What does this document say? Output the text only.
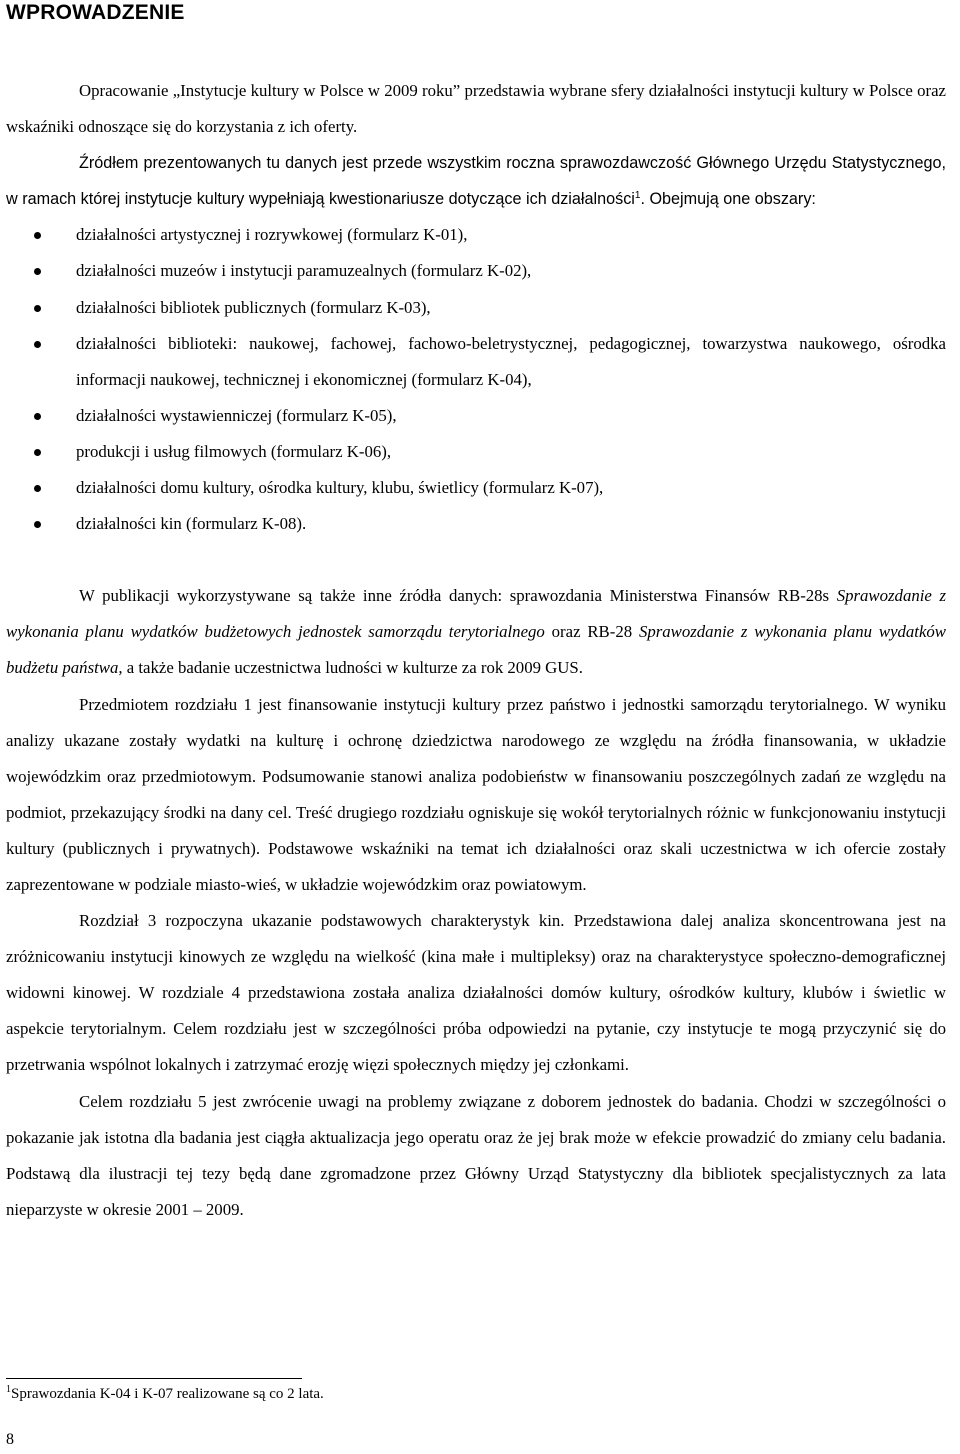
WPROWADZENIE

Opracowanie „Instytucje kultury w Polsce w 2009 roku” przedstawia wybrane sfery działalności instytucji kultury w Polsce oraz wskaźniki odnoszące się do korzystania z ich oferty.

Źródłem prezentowanych tu danych jest przede wszystkim roczna sprawozdawczość Głównego Urzędu Statystycznego, w ramach której instytucje kultury wypełniają kwestionariusze dotyczące ich działalności$^1$. Obejmują one obszary:

działalności artystycznej i rozrywkowej (formularz K-01),
działalności muzeów i instytucji paramuzealnych (formularz K-02),
działalności bibliotek publicznych (formularz K-03),
działalności biblioteki: naukowej, fachowej, fachowo-beletrystycznej, pedagogicznej, towarzystwa naukowego, ośrodka informacji naukowej, technicznej i ekonomicznej (formularz K-04),
działalności wystawienniczej (formularz K-05),
produkcji i usług filmowych (formularz K-06),
działalności domu kultury, ośrodka kultury, klubu, świetlicy (formularz K-07),
działalności kin (formularz K-08).

W publikacji wykorzystywane są także inne źródła danych: sprawozdania Ministerstwa Finansów RB-28s Sprawozdanie z wykonania planu wydatków budżetowych jednostek samorządu terytorialnego oraz RB-28 Sprawozdanie z wykonania planu wydatków budżetu państwa, a także badanie uczestnictwa ludności w kulturze za rok 2009 GUS.

Przedmiotem rozdziału 1 jest finansowanie instytucji kultury przez państwo i jednostki samorządu terytorialnego. W wyniku analizy ukazane zostały wydatki na kulturę i ochronę dziedzictwa narodowego ze względu na źródła finansowania, w układzie wojewódzkim oraz przedmiotowym. Podsumowanie stanowi analiza podobieństw w finansowaniu poszczególnych zadań ze względu na podmiot, przekazujący środki na dany cel. Treść drugiego rozdziału ogniskuje się wokół terytorialnych różnic w funkcjonowaniu instytucji kultury (publicznych i prywatnych). Podstawowe wskaźniki na temat ich działalności oraz skali uczestnictwa w ich ofercie zostały zaprezentowane w podziale miasto-wieś, w układzie wojewódzkim oraz powiatowym.

Rozdział 3 rozpoczyna ukazanie podstawowych charakterystyk kin. Przedstawiona dalej analiza skoncentrowana jest na zróżnicowaniu instytucji kinowych ze względu na wielkość (kina małe i multipleksy) oraz na charakterystyce społeczno-demograficznej widowni kinowej. W rozdziale 4 przedstawiona została analiza działalności domów kultury, ośrodków kultury, klubów i świetlic w aspekcie terytorialnym. Celem rozdziału jest w szczególności próba odpowiedzi na pytanie, czy instytucje te mogą przyczynić się do przetrwania wspólnot lokalnych i zatrzymać erozję więzi społecznych między jej członkami.

Celem rozdziału 5 jest zwrócenie uwagi na problemy związane z doborem jednostek do badania. Chodzi w szczególności o pokazanie jak istotna dla badania jest ciągła aktualizacja jego operatu oraz że jej brak może w efekcie prowadzić do zmiany celu badania. Podstawą dla ilustracji tej tezy będą dane zgromadzone przez Główny Urząd Statystyczny dla bibliotek specjalistycznych za lata nieparzyste w okresie 2001 – 2009.

$^1$Sprawozdania K-04 i K-07 realizowane są co 2 lata.
8
